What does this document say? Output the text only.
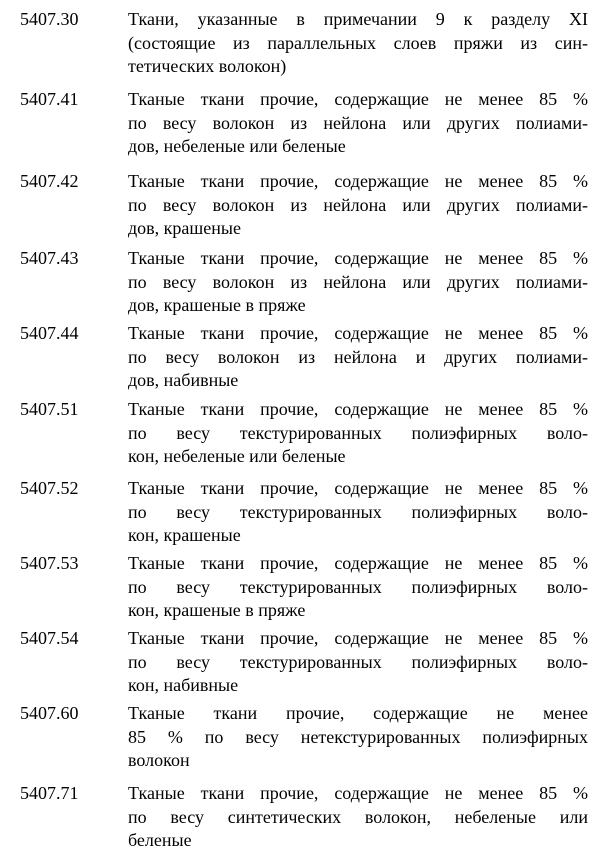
5407.30	Ткани, указанные в примечании 9 к разделу XI
(состоящие из параллельных слоев пряжи из син-
тетических волокон)
5407.41	Тканые ткани прочие, содержащие не менее 85 %
по весу волокон из нейлона или других полиами-
дов, небеленые или беленые
5407.42	Тканые ткани прочие, содержащие не менее 85 %
по весу волокон из нейлона или других полиами-
дов, крашеные
5407.43	Тканые ткани прочие, содержащие не менее 85 %
по весу волокон из нейлона или других полиами-
дов, крашеные в пряже
5407.44	Тканые ткани прочие, содержащие не менее 85 %
по весу волокон из нейлона и других полиами-
дов, набивные
5407.51	Тканые ткани прочие, содержащие не менее 85 %
по весу текстурированных полиэфирных воло-
кон, небеленые или беленые
5407.52	Тканые ткани прочие, содержащие не менее 85 %
по весу текстурированных полиэфирных воло-
кон, крашеные
5407.53	Тканые ткани прочие, содержащие не менее 85 %
по весу текстурированных полиэфирных воло-
кон, крашеные в пряже
5407.54	Тканые ткани прочие, содержащие не менее 85 %
по весу текстурированных полиэфирных воло-
кон, набивные
5407.60	Тканые ткани прочие, содержащие не менее
85 % по весу нетекстурированных полиэфирных
волокон
5407.71	Тканые ткани прочие, содержащие не менее 85 %
по весу синтетических волокон, небеленые или
беленые
